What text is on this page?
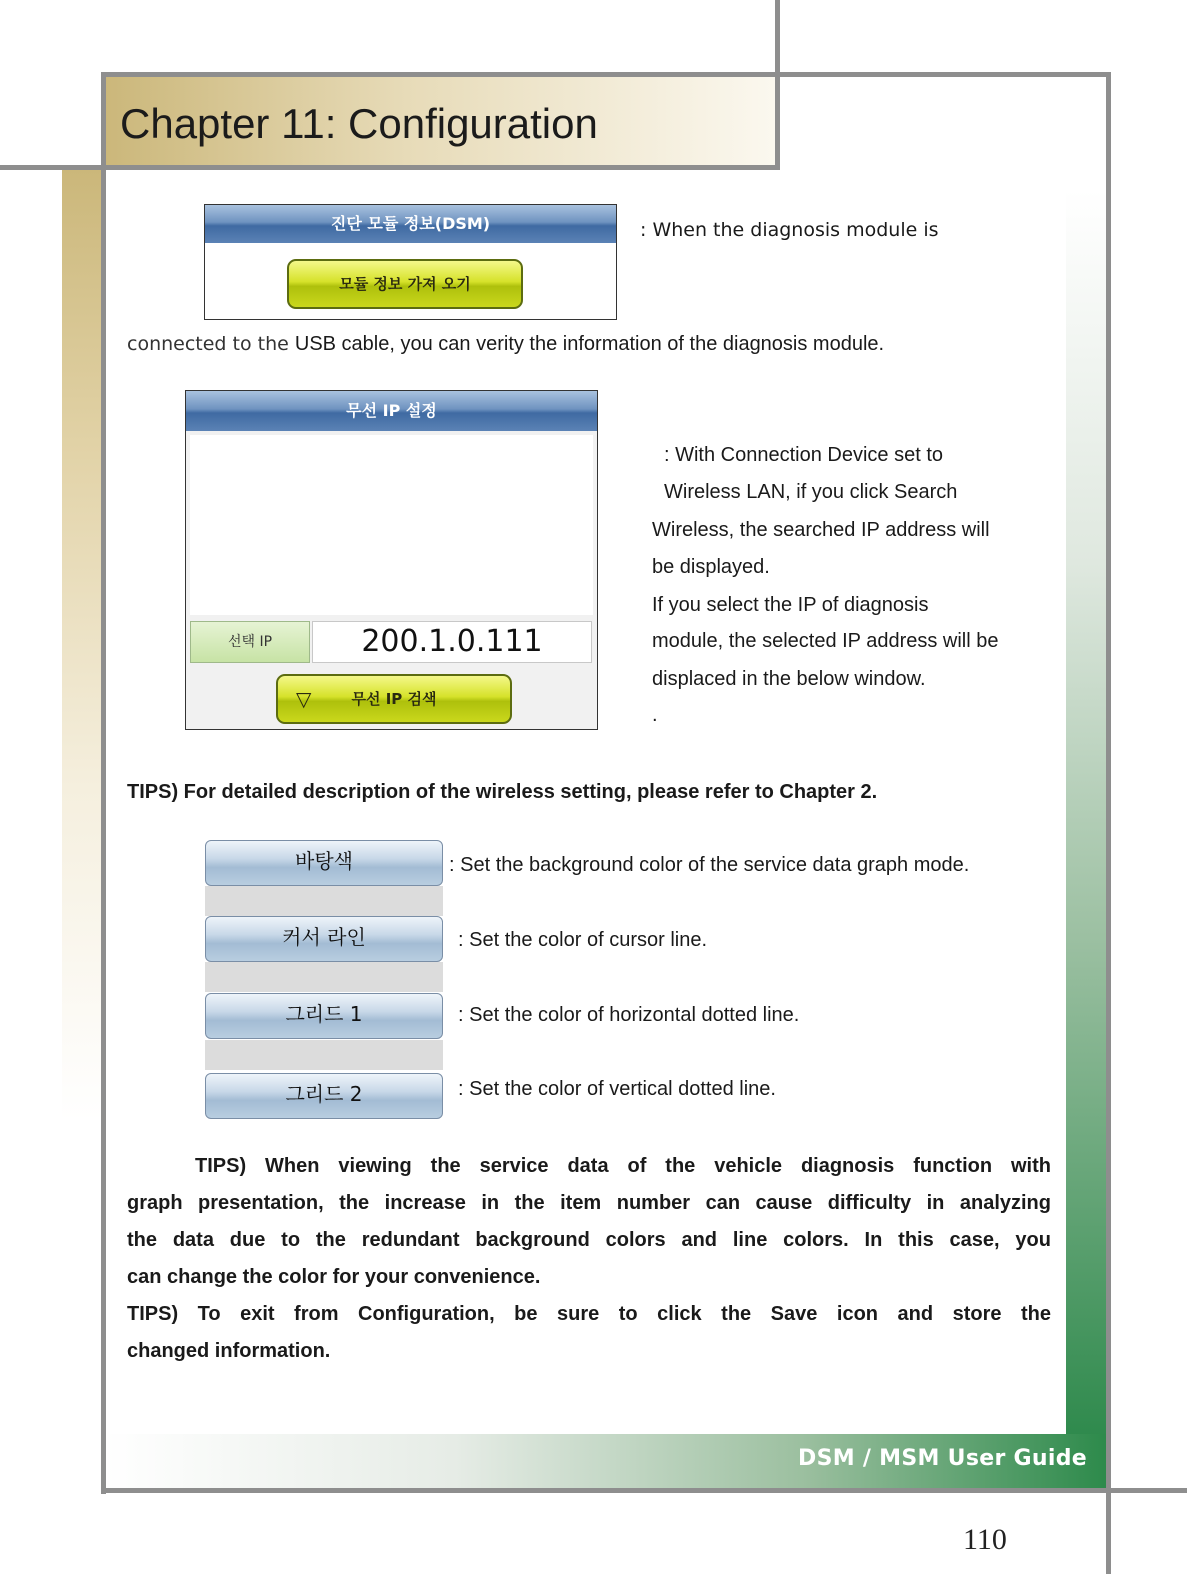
Chapter 11: Configuration
진단 모듈 정보(DSM)
모듈 정보 가져 오기
: When the diagnosis module is
connected to the USB cable, you can verity the information of the diagnosis module.
무선 IP 설정
선택 IP	200.1.0.111
▽	무선 IP 검색
: With Connection Device set to
Wireless LAN, if you click Search
Wireless, the searched IP address will
be displayed.
If you select the IP of diagnosis
module, the selected IP address will be
displaced in the below window.
.
TIPS) For detailed description of the wireless setting, please refer to Chapter 2.
바탕색
커서 라인
그리드 1
그리드 2
: Set the background color of the service data graph mode.
: Set the color of cursor line.
: Set the color of horizontal dotted line.
: Set the color of vertical dotted line.
TIPS) When viewing the service data of the vehicle diagnosis function with
graph presentation, the increase in the item number can cause difficulty in analyzing
the data due to the redundant background colors and line colors. In this case, you
can change the color for your convenience.
TIPS) To exit from Configuration, be sure to click the Save icon and store the
changed information.
DSM / MSM User Guide
110
